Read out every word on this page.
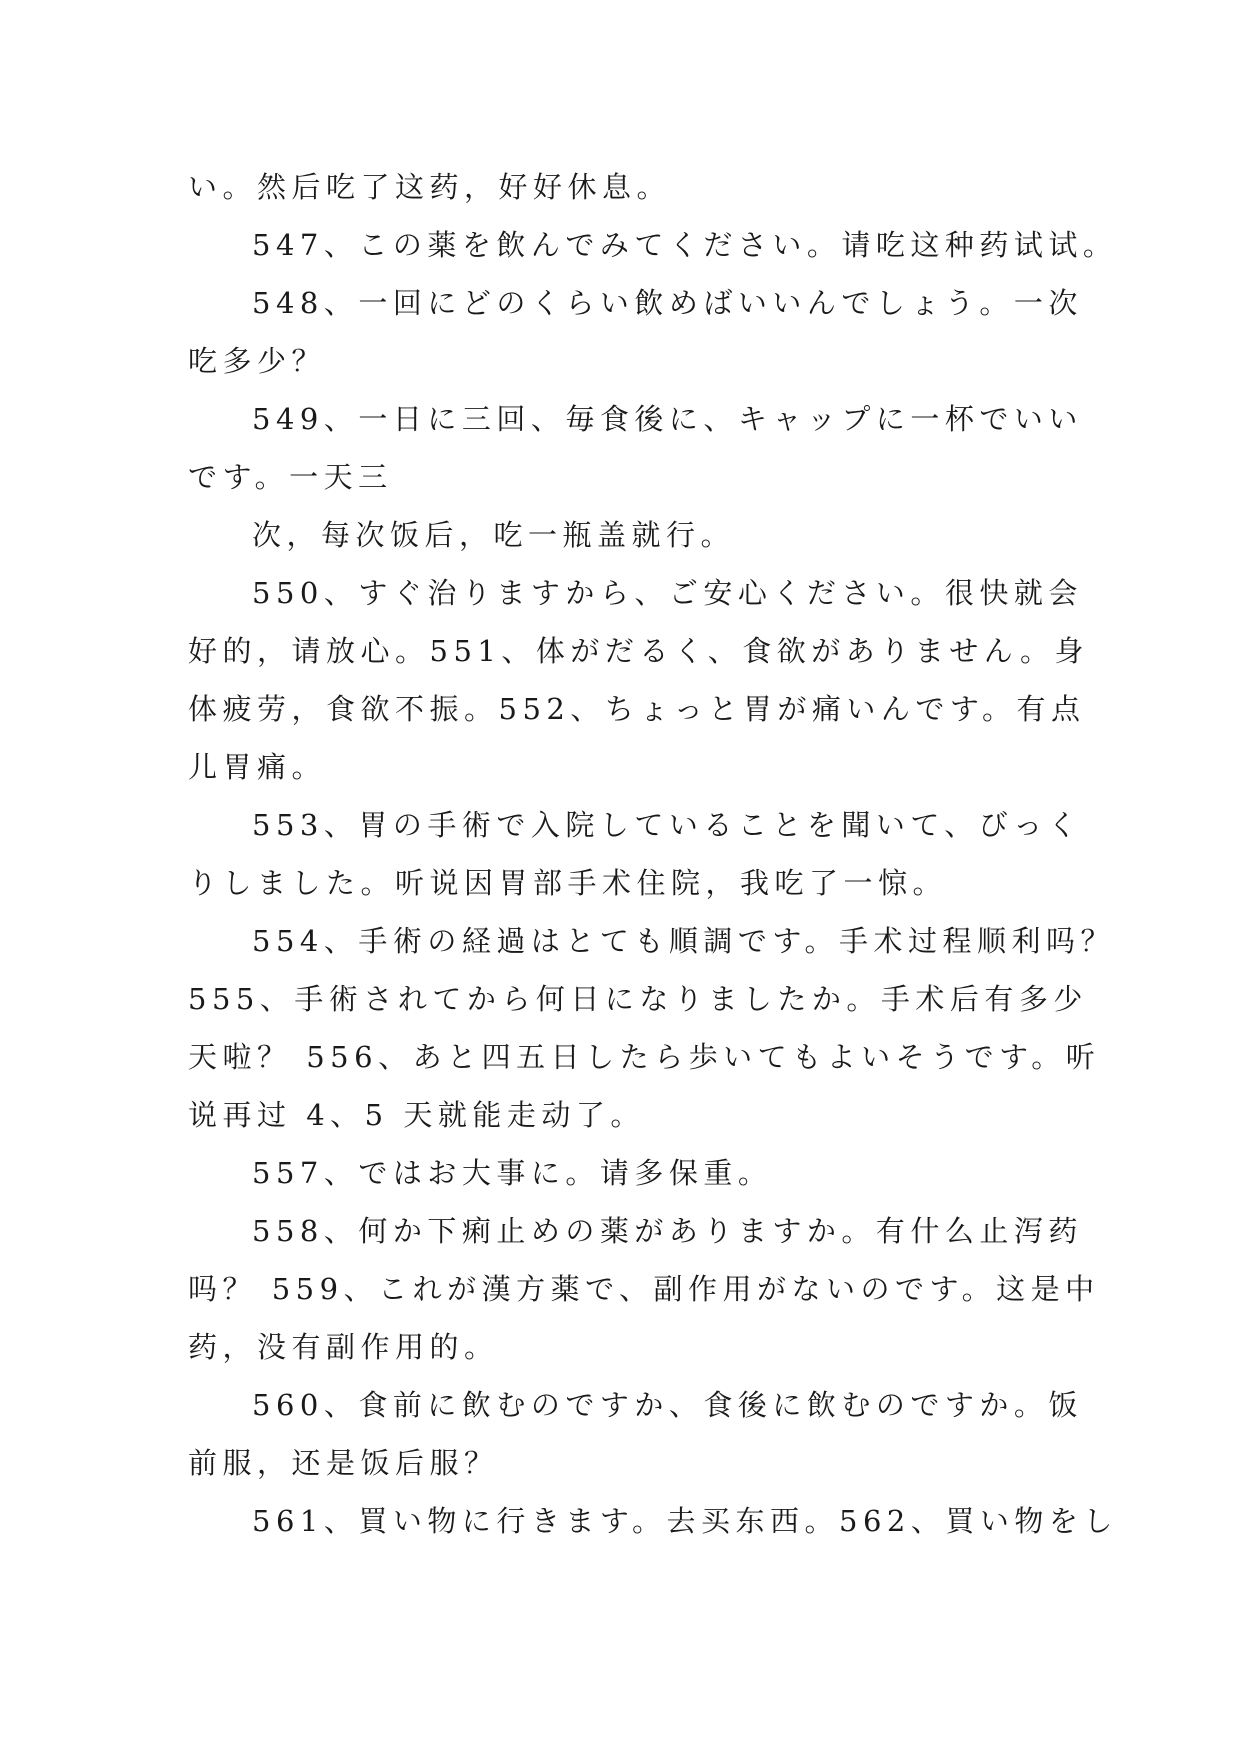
い。然后吃了这药，好好休息。
547、この薬を飲んでみてください。请吃这种药试试。
548、一回にどのくらい飲めばいいんでしょう。一次
吃多少？
549、一日に三回、毎食後に、キャップに一杯でいい
です。一天三
次，每次饭后，吃一瓶盖就行。
550、すぐ治りますから、ご安心ください。很快就会
好的，请放心。551、体がだるく、食欲がありません。身
体疲劳，食欲不振。552、ちょっと胃が痛いんです。有点
儿胃痛。
553、胃の手術で入院していることを聞いて、びっく
りしました。听说因胃部手术住院，我吃了一惊。
554、手術の経過はとても順調です。手术过程顺利吗？
555、手術されてから何日になりましたか。手术后有多少
天啦？ 556、あと四五日したら歩いてもよいそうです。听
说再过 4、5 天就能走动了。
557、ではお大事に。请多保重。
558、何か下痢止めの薬がありますか。有什么止泻药
吗？ 559、これが漢方薬で、副作用がないのです。这是中
药，没有副作用的。
560、食前に飲むのですか、食後に飲むのですか。饭
前服，还是饭后服？
561、買い物に行きます。去买东西。562、買い物をし
